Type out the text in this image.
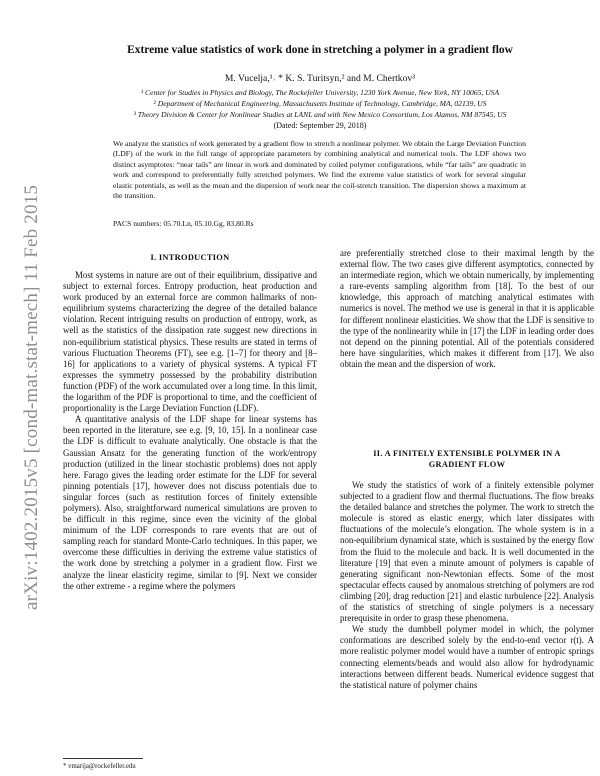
arXiv:1402.2015v5 [cond-mat.stat-mech] 11 Feb 2015
Extreme value statistics of work done in stretching a polymer in a gradient flow
M. Vucelja,¹˒ * K. S. Turitsyn,² and M. Chertkov³
¹ Center for Studies in Physics and Biology, The Rockefeller University, 1230 York Avenue, New York, NY 10065, USA
² Department of Mechanical Engineering, Massachusetts Institute of Technology, Cambridge, MA, 02139, US
³ Theory Division & Center for Nonlinear Studies at LANL and with New Mexico Consortium, Los Alamos, NM 87545, US
(Dated: September 29, 2018)
We analyze the statistics of work generated by a gradient flow to stretch a nonlinear polymer. We obtain the Large Deviation Function (LDF) of the work in the full range of appropriate parameters by combining analytical and numerical tools. The LDF shows two distinct asymptotes: “near tails” are linear in work and dominated by coiled polymer configurations, while “far tails” are quadratic in work and correspond to preferentially fully stretched polymers. We find the extreme value statistics of work for several singular elastic potentials, as well as the mean and the dispersion of work near the coil-stretch transition. The dispersion shows a maximum at the transition.
PACS numbers: 05.70.Ln, 05.10.Gg, 83.80.Rs
I. INTRODUCTION

Most systems in nature are out of their equilibrium, dissipative and subject to external forces. Entropy production, heat production and work produced by an external force are common hallmarks of non-equilibrium systems characterizing the degree of the detailed balance violation. Recent intriguing results on production of entropy, work, as well as the statistics of the dissipation rate suggest new directions in non-equilibrium statistical physics. These results are stated in terms of various Fluctuation Theorems (FT), see e.g. [1–7] for theory and [8–16] for applications to a variety of physical systems. A typical FT expresses the symmetry possessed by the probability distribution function (PDF) of the work accumulated over a long time. In this limit, the logarithm of the PDF is proportional to time, and the coefficient of proportionality is the Large Deviation Function (LDF).

A quantitative analysis of the LDF shape for linear systems has been reported in the literature, see e.g. [9, 10, 15]. In a nonlinear case the LDF is difficult to evaluate analytically. One obstacle is that the Gaussian Ansatz for the generating function of the work/entropy production (utilized in the linear stochastic problems) does not apply here. Farago gives the leading order estimate for the LDF for several pinning potentials [17], however does not discuss potentials due to singular forces (such as restitution forces of finitely extensible polymers). Also, straightforward numerical simulations are proven to be difficult in this regime, since even the vicinity of the global minimum of the LDF corresponds to rare events that are out of sampling reach for standard Monte-Carlo techniques. In this paper, we overcome these difficulties in deriving the extreme value statistics of the work done by stretching a polymer in a gradient flow. First we analyze the linear elasticity regime, similar to [9]. Next we consider the other extreme - a regime where the polymers

are preferentially stretched close to their maximal length by the external flow. The two cases give different asymptotics, connected by an intermediate region, which we obtain numerically, by implementing a rare-events sampling algorithm from [18]. To the best of our knowledge, this approach of matching analytical estimates with numerics is novel. The method we use is general in that it is applicable for different nonlinear elasticities. We show that the LDF is sensitive to the type of the nonlinearity while in [17] the LDF in leading order does not depend on the pinning potential. All of the potentials considered here have singularities, which makes it different from [17]. We also obtain the mean and the dispersion of work.

II. A FINITELY EXTENSIBLE POLYMER IN A
GRADIENT FLOW

We study the statistics of work of a finitely extensible polymer subjected to a gradient flow and thermal fluctuations. The flow breaks the detailed balance and stretches the polymer. The work to stretch the molecule is stored as elastic energy, which later dissipates with fluctuations of the molecule’s elongation. The whole system is in a non-equilibrium dynamical state, which is sustained by the energy flow from the fluid to the molecule and back. It is well documented in the literature [19] that even a minute amount of polymers is capable of generating significant non-Newtonian effects. Some of the most spectacular effects caused by anomalous stretching of polymers are rod climbing [20], drag reduction [21] and elastic turbulence [22]. Analysis of the statistics of stretching of single polymers is a necessary prerequisite in order to grasp these phenomena.

We study the dumbbell polymer model in which, the polymer conformations are described solely by the end-to-end vector r(t). A more realistic polymer model would have a number of entropic springs connecting elements/beads and would also allow for hydrodynamic interactions between different beads. Numerical evidence suggest that the statistical nature of polymer chains

* vmarija@rockefeller.edu
